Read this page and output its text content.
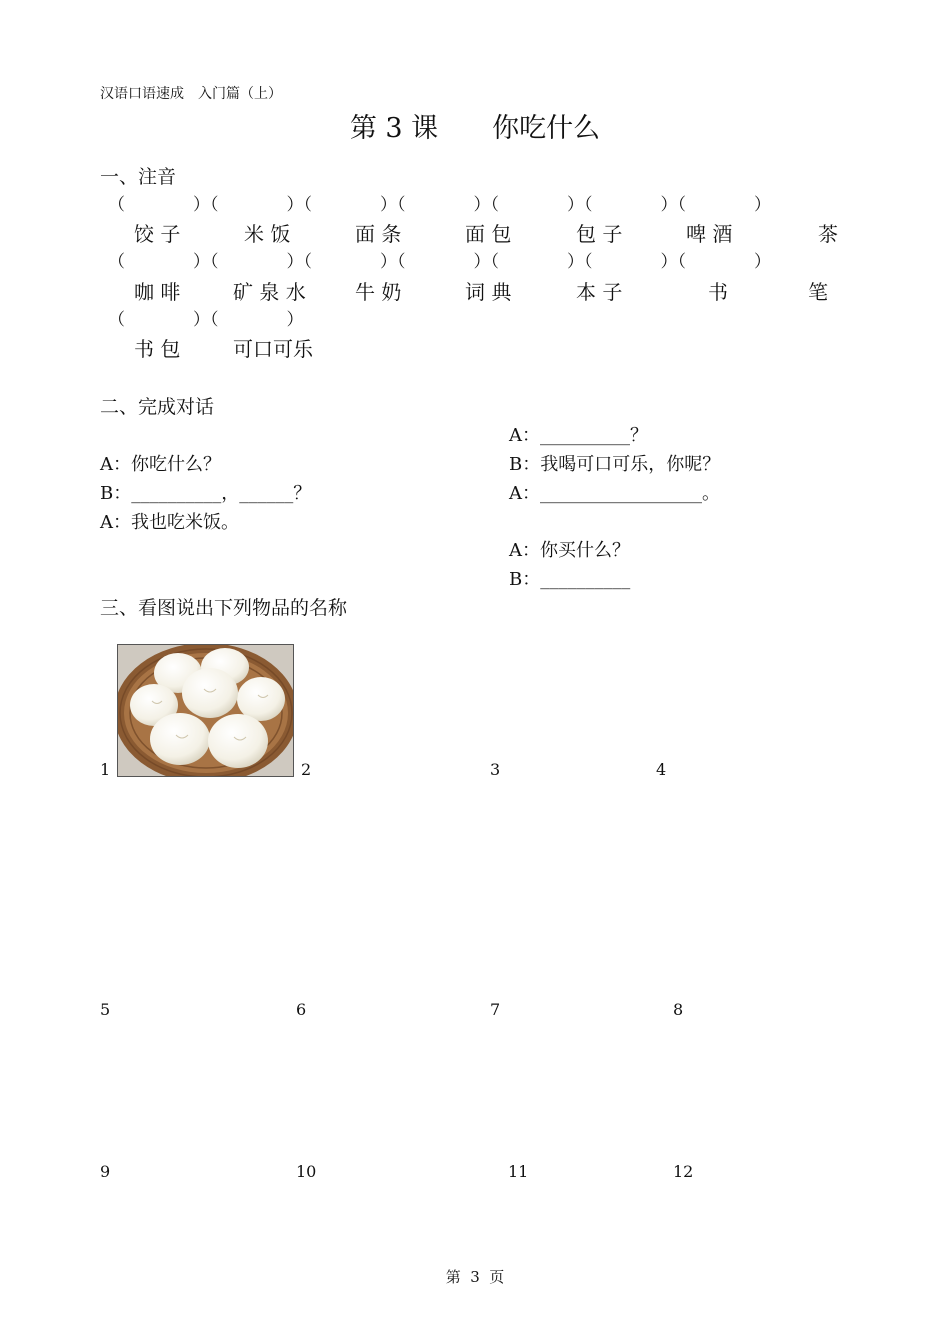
汉语口语速成　入门篇（上）
第 3 课　　你吃什么
一、注音
（　　　　）（　　　　）（　　　　）（　　　　）（　　　　）（　　　　）（　　　　）
饺 子	米 饭	面 条	面 包	包 子	啤 酒	茶
（　　　　）（　　　　）（　　　　）（　　　　）（　　　　）（　　　　）（　　　　）
咖 啡	矿 泉 水 牛 奶	词 典	本 子	书	笔
（　　　　）（　　　　）
书 包	可口可乐
二、完成对话
A：你吃什么？
B：__________，______？
A：我也吃米饭。
A：__________？
B：我喝可口可乐，你呢？
A：__________________。
A：你买什么？
B：__________
三、看图说出下列物品的名称
1	2	3	4
5	6	7	8
9	10	11	12
第  3  页
